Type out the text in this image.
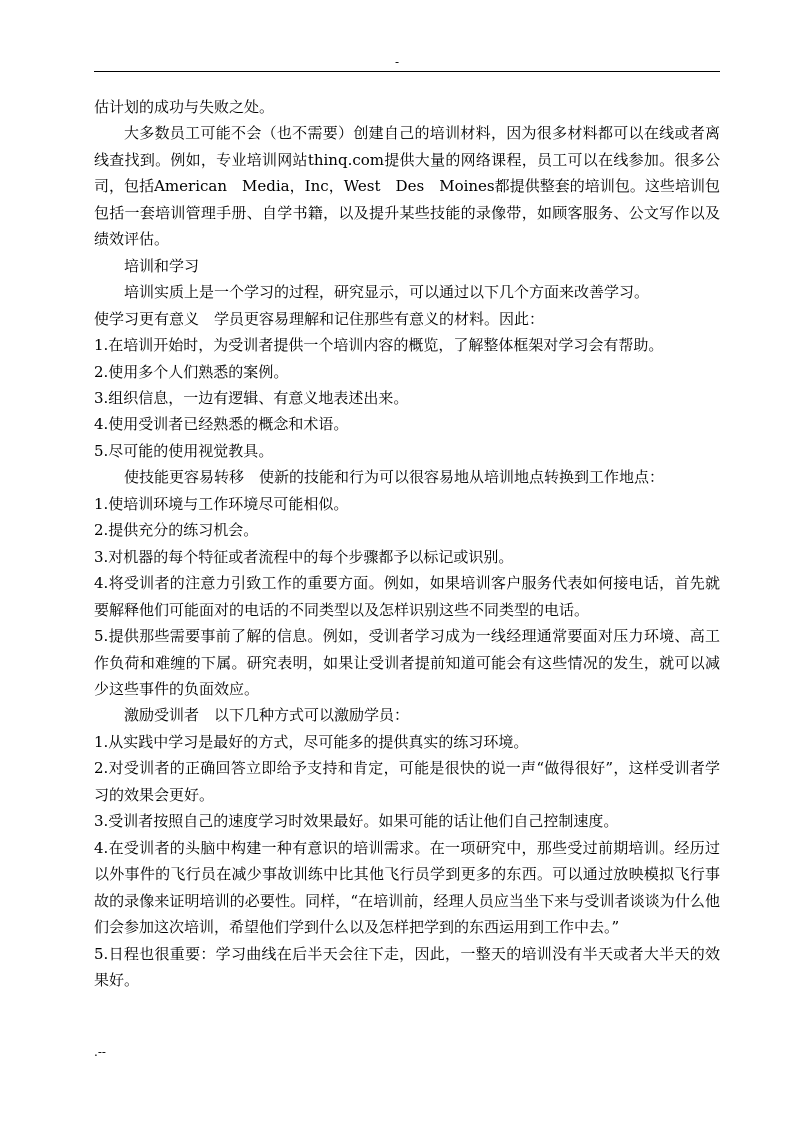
-

估计划的成功与失败之处。

大多数员工可能不会（也不需要）创建自己的培训材料，因为很多材料都可以在线或者离线查找到。例如，专业培训网站thinq.com提供大量的网络课程，员工可以在线参加。很多公司，包括American　Media，Inc，West　Des　Moines都提供整套的培训包。这些培训包包括一套培训管理手册、自学书籍，以及提升某些技能的录像带，如顾客服务、公文写作以及绩效评估。

培训和学习

培训实质上是一个学习的过程，研究显示，可以通过以下几个方面来改善学习。

使学习更有意义　学员更容易理解和记住那些有意义的材料。因此：

1.在培训开始时，为受训者提供一个培训内容的概览，了解整体框架对学习会有帮助。

2.使用多个人们熟悉的案例。

3.组织信息，一边有逻辑、有意义地表述出来。

4.使用受训者已经熟悉的概念和术语。

5.尽可能的使用视觉教具。

使技能更容易转移　使新的技能和行为可以很容易地从培训地点转换到工作地点：

1.使培训环境与工作环境尽可能相似。

2.提供充分的练习机会。

3.对机器的每个特征或者流程中的每个步骤都予以标记或识别。

4.将受训者的注意力引致工作的重要方面。例如，如果培训客户服务代表如何接电话，首先就要解释他们可能面对的电话的不同类型以及怎样识别这些不同类型的电话。

5.提供那些需要事前了解的信息。例如，受训者学习成为一线经理通常要面对压力环境、高工作负荷和难缠的下属。研究表明，如果让受训者提前知道可能会有这些情况的发生，就可以减少这些事件的负面效应。

激励受训者　以下几种方式可以激励学员：

1.从实践中学习是最好的方式，尽可能多的提供真实的练习环境。

2.对受训者的正确回答立即给予支持和肯定，可能是很快的说一声“做得很好”，这样受训者学习的效果会更好。

3.受训者按照自己的速度学习时效果最好。如果可能的话让他们自己控制速度。

4.在受训者的头脑中构建一种有意识的培训需求。在一项研究中，那些受过前期培训。经历过以外事件的飞行员在减少事故训练中比其他飞行员学到更多的东西。可以通过放映模拟飞行事故的录像来证明培训的必要性。同样，“在培训前，经理人员应当坐下来与受训者谈谈为什么他们会参加这次培训，希望他们学到什么以及怎样把学到的东西运用到工作中去。”

5.日程也很重要：学习曲线在后半天会往下走，因此，一整天的培训没有半天或者大半天的效果好。

.--
